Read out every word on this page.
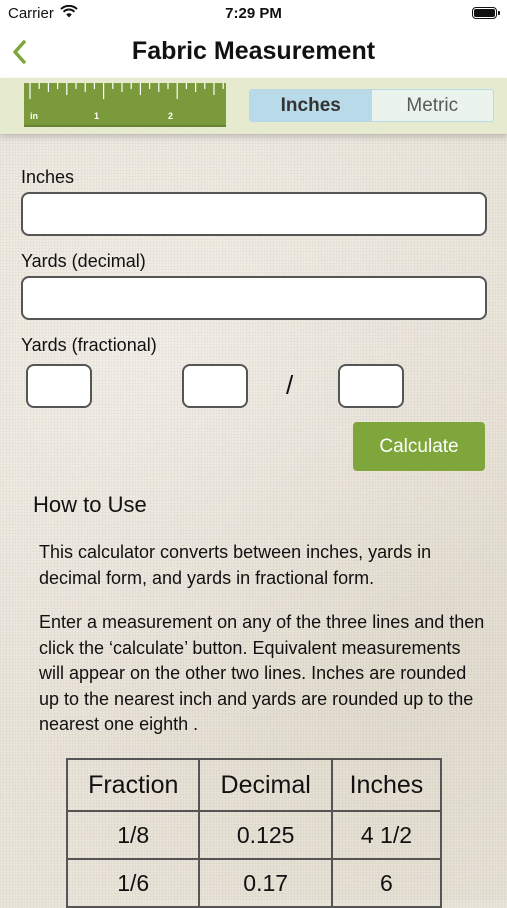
Carrier	7:29 PM
Fabric Measurement
in	1	2
Inches	Metric
Inches
Yards (decimal)
Yards (fractional)
/
Calculate
How to Use
This calculator converts between inches, yards in decimal form, and yards in fractional form.
Enter a measurement on any of the three lines and then click the ‘calculate’ button. Equivalent measurements will appear on the other two lines. Inches are rounded up to the nearest inch and yards are rounded up to the nearest one eighth .
Fraction	Decimal	Inches
1/8	0.125	4 1/2
1/6	0.17	6
